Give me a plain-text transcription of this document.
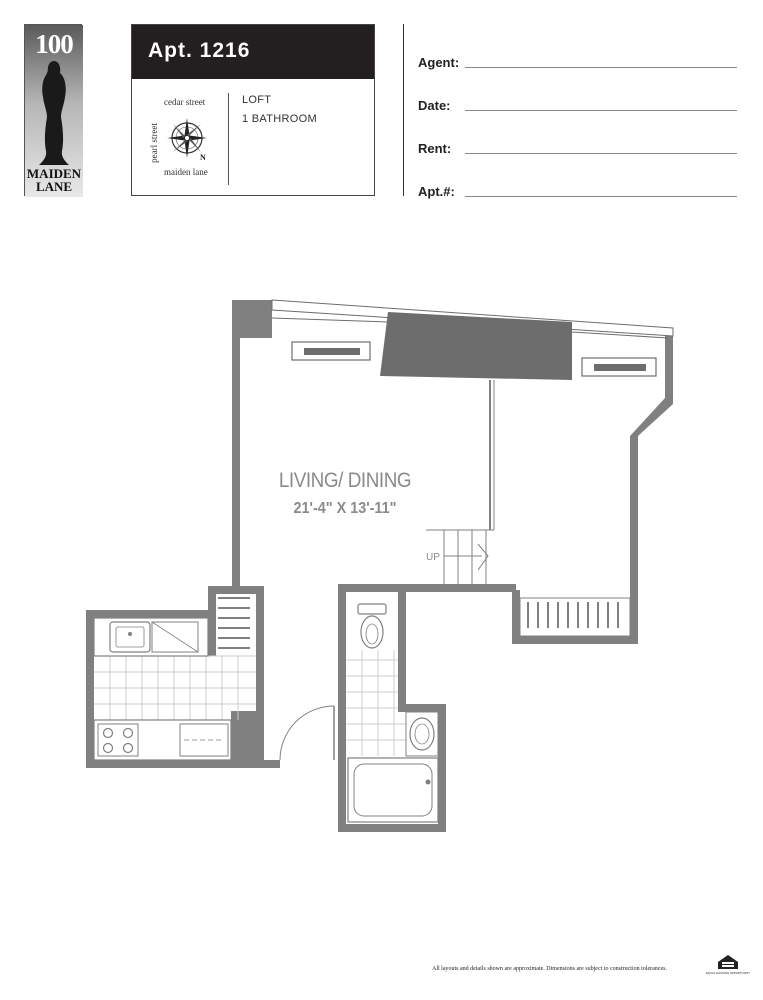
100
MAIDEN
LANE
Apt. 1216
cedar street
pearl street
maiden lane
N
LOFT
1 BATHROOM
Agent:
Date:
Rent:
Apt.#:
LIVING/ DINING
21'-4" X 13'-11"
UP
All layouts and details shown are approximate. Dimensions are subject to construction tolerances.
EQUAL HOUSING OPPORTUNITY
